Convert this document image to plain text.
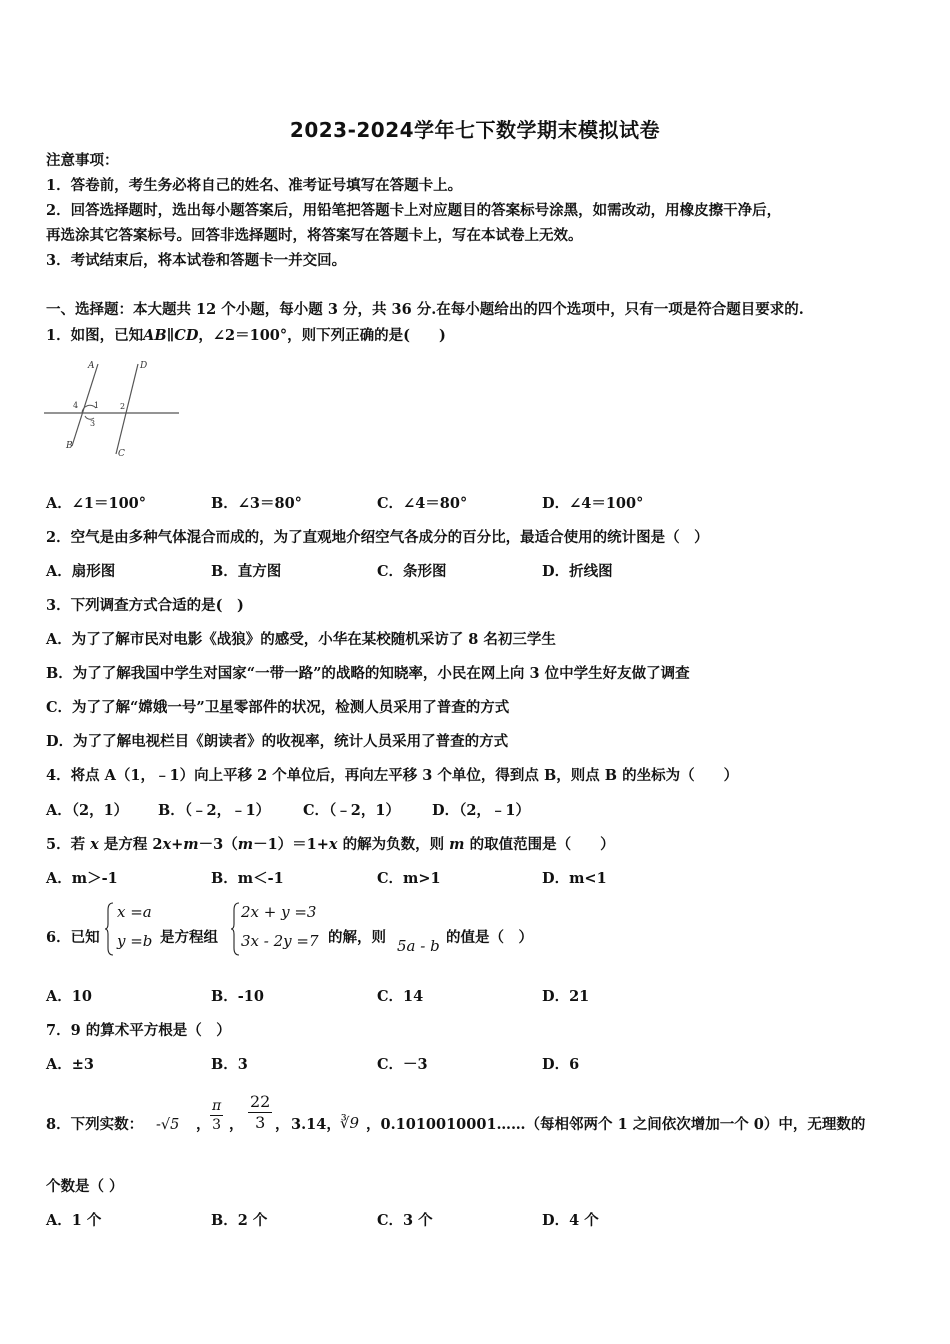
2023-2024学年七下数学期末模拟试卷
注意事项：
1．答卷前，考生务必将自己的姓名、准考证号填写在答题卡上。
2．回答选择题时，选出每小题答案后，用铅笔把答题卡上对应题目的答案标号涂黑，如需改动，用橡皮擦干净后，
再选涂其它答案标号。回答非选择题时，将答案写在答题卡上，写在本试卷上无效。
3．考试结束后，将本试卷和答题卡一并交回。
一、选择题：本大题共 12 个小题，每小题 3 分，共 36 分.在每小题给出的四个选项中，只有一项是符合题目要求的.
1．如图，已知AB∥CD，∠2＝100°，则下列正确的是(　　)
A	D
B
C
1	2
3
4
A．∠1＝100°	B．∠3＝80°	C．∠4＝80°	D．∠4＝100°
2．空气是由多种气体混合而成的，为了直观地介绍空气各成分的百分比，最适合使用的统计图是（　）
A．扇形图	B．直方图	C．条形图	D．折线图
3．下列调查方式合适的是(　)
A．为了了解市民对电影《战狼》的感受，小华在某校随机采访了 8 名初三学生
B．为了了解我国中学生对国家“一带一路”的战略的知晓率，小民在网上向 3 位中学生好友做了调查
C．为了了解“嫦娥一号”卫星零部件的状况，检测人员采用了普查的方式
D．为了了解电视栏目《朗读者》的收视率，统计人员采用了普查的方式
4．将点 A（1，﹣1）向上平移 2 个单位后，再向左平移 3 个单位，得到点 B，则点 B 的坐标为（　　）
A．（2，1） B．（﹣2，﹣1） C．（﹣2，1） D．（2，﹣1）
5．若 x 是方程 2x+m－3（m－1）＝1+x 的解为负数，则 m 的取值范围是（　　）
A．m＞-1	B．m＜-1	C．m>1	D．m<1
6．已知
x =a
y =b 是方程组
2x + y =3
3x - 2y =7 的解，则 5a - b 的值是（　）
A．10	B．-10	C．14	D．21
7．9 的算术平方根是（　）
A．±3	B．3	C．－3	D．6
8．下列实数： -√5 ， $\frac{\pi}{3}$ ， $\frac{22}{3}$ ， 3.14， ∛9 ，0.1010010001……（每相邻两个 1 之间依次增加一个 0）中，无理数的
个数是（ ）
A．1 个	B．2 个	C．3 个	D．4 个
